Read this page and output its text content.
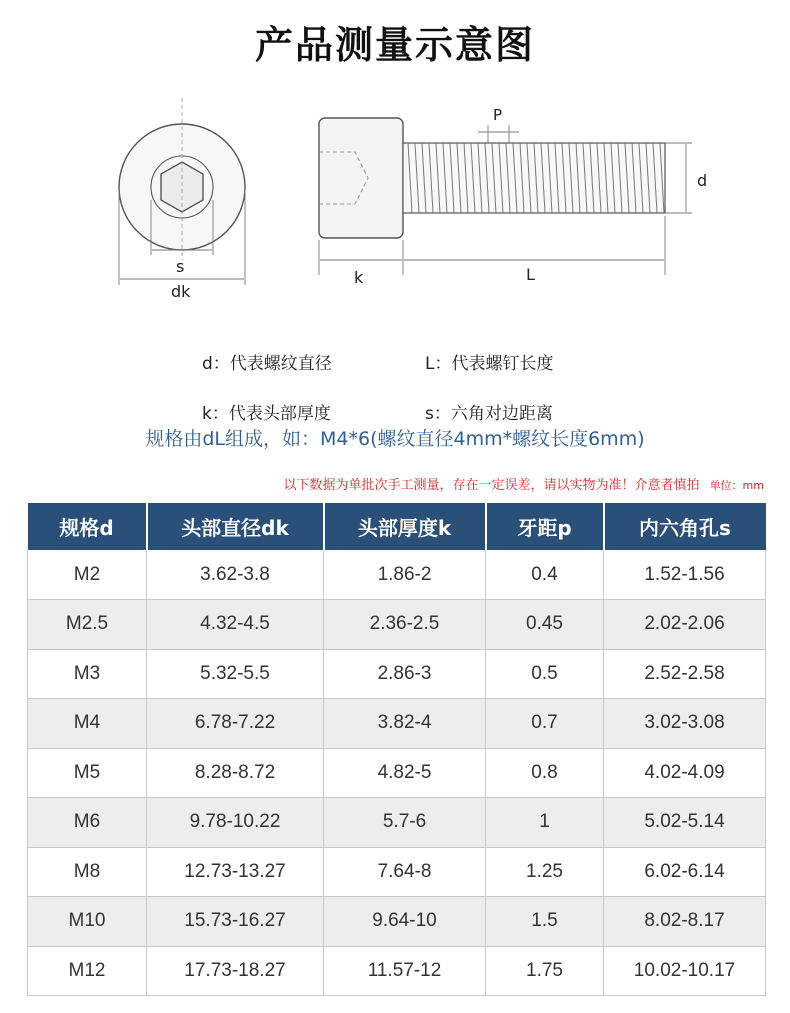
产品测量示意图
s
dk
P
d
k	L
d：代表螺纹直径	L：代表螺钉长度
k：代表头部厚度	s：六角对边距离
规格由dL组成，如：M4*6(螺纹直径4mm*螺纹长度6mm)
以下数据为单批次手工测量，存在一定误差，请以实物为准！介意者慎拍 单位：mm
规格d	头部直径dk	头部厚度k	牙距p	内六角孔s
M2	3.62-3.8	1.86-2	0.4	1.52-1.56
M2.5	4.32-4.5	2.36-2.5	0.45	2.02-2.06
M3	5.32-5.5	2.86-3	0.5	2.52-2.58
M4	6.78-7.22	3.82-4	0.7	3.02-3.08
M5	8.28-8.72	4.82-5	0.8	4.02-4.09
M6	9.78-10.22	5.7-6	1	5.02-5.14
M8	12.73-13.27	7.64-8	1.25	6.02-6.14
M10	15.73-16.27	9.64-10	1.5	8.02-8.17
M12	17.73-18.27	11.57-12	1.75	10.02-10.17
